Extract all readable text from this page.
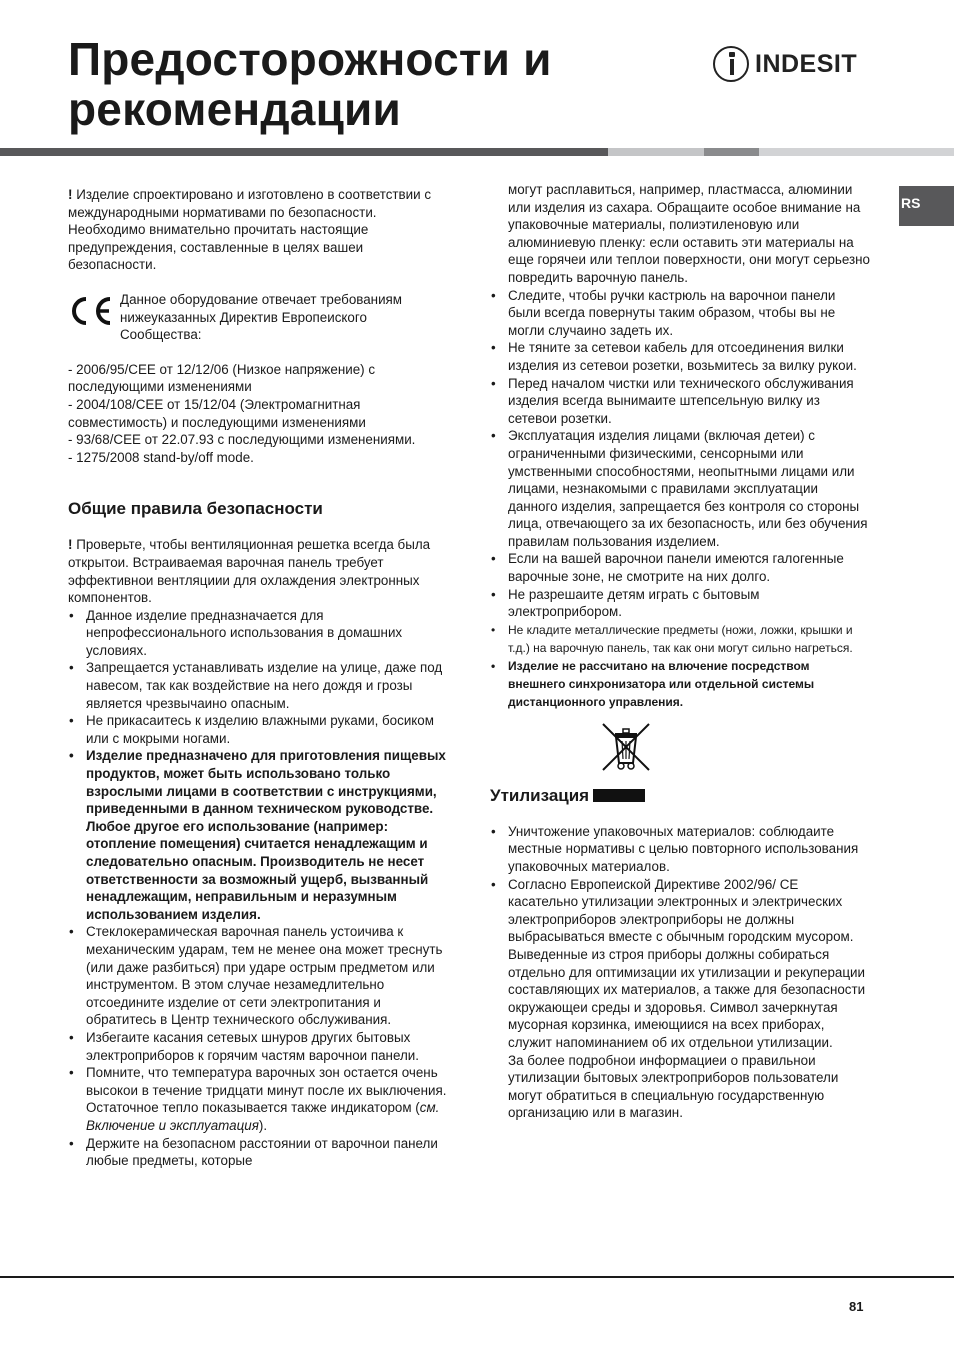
Предосторожности и
рекомендации
INDESIT
RS

! Изделие спроектировано и изготовлено в соответствии с международными нормативами по безопасности. Необходимо внимательно прочитать настоящие предупреждения, составленные в целях вашеи безопасности.

Данное оборудование отвечает требованиям нижеуказанных Директив Европеиского Сообщества:

- 2006/95/CEE от 12/12/06 (Низкое напряжение) с последующими изменениями

- 2004/108/CEE от 15/12/04 (Электромагнитная совместимость) и последующими изменениями

- 93/68/CEE от 22.07.93 с последующими изменениями.

- 1275/2008 stand-by/off mode.

Общие правила безопасности

! Проверьте, чтобы вентиляционная решетка всегда была открытои. Встраиваемая варочная панель требует эффективнои вентляциии для охлаждения электронных компонентов.

• Данное изделие предназначается для непрофессионального использования в домашних условиях.
• Запрещается устанавливать изделие на улице, даже под навесом, так как воздействие на него дождя и грозы является чрезвычаино опасным.
• Не прикасаитесь к изделию влажными руками, босиком или с мокрыми ногами.
• Изделие предназначено для приготовления пищевых продуктов, может быть использовано только взрослыми лицами в соответствии с инструкциями, приведенными в данном техническом руководстве. Любое другое его использование (например: отопление помещения) считается ненадлежащим и следовательно опасным. Производитель не несет ответственности за возможный ущерб, вызванный ненадлежащим, неправильным и неразумным использованием изделия.
• Стеклокерамическая варочная панель устоичива к механическим ударам, тем не менее она может треснуть (или даже разбиться) при ударе острым предметом или инструментом. В этом случае незамедлительно отсоедините изделие от сети электропитания и обратитесь в Центр технического обслуживания.
• Избегаите касания сетевых шнуров других бытовых электроприборов к горячим частям варочнои панели.
• Помните, что температура варочных зон остается очень высокои в течение тридцати минут после их выключения. Остаточное тепло показывается также индикатором (см. Включение и эксплуатация).
• Держите на безопасном расстоянии от варочнои панели любые предметы, которые

могут расплавиться, например, пластмасса, алюминии или изделия из сахара. Обращаите особое внимание на упаковочные материалы, полиэтиленовую или алюминиевую пленку: если оставить эти материалы на еще горячеи или теплои поверхности, они могут серьезно повредить варочную панель.

• Следите, чтобы ручки кастрюль на варочнои панели были всегда повернуты таким образом, чтобы вы не могли случаино задеть их.
• Не тяните за сетевои кабель для отсоединения вилки изделия из сетевои розетки, возьмитесь за вилку рукои.
• Перед началом чистки или технического обслуживания изделия всегда вынимаите штепсельную вилку из сетевои розетки.
• Эксплуатация изделия лицами (включая детеи) с ограниченными физическими, сенсорными или умственными способностями, неопытными лицами или лицами, незнакомыми с правилами эксплуатации данного изделия, запрещается без контроля со стороны лица, отвечающего за их безопасность, или без обучения правилам пользования изделием.
• Если на вашей варочнои панели имеются галогенные варочные зоне, не смотрите на них долго.
• Не разрешаите детям играть с бытовым электроприбором.
• Не кладите металлические предметы (ножи, ложки, крышки и т.д.) на варочную панель, так как они могут сильно нагреться.
• Изделие не рассчитано на влючение посредством внешнего синхронизатора или отдельной системы дистанционного управления.
Утилизация
• Уничтожение упаковочных материалов: соблюдаите местные нормативы с целью повторного использования упаковочных материалов.
• Согласно Европеиской Директиве 2002/96/ CE касательно утилизации электронных и электрических электроприборов электроприборы не должны выбрасываться вместе с обычным городским мусором. Выведенные из строя приборы должны собираться отдельно для оптимизации их утилизации и рекуперации составляющих их материалов, а также для безопасности окружающеи среды и здоровья. Символ зачеркнутая мусорная корзинка, имеющиися на всех приборах, служит напоминанием об их отдельнои утилизации.

За более подробнои информациеи о правильнои утилизации бытовых электроприборов пользователи могут обратиться в специальную государственную организацию или в магазин.

81
